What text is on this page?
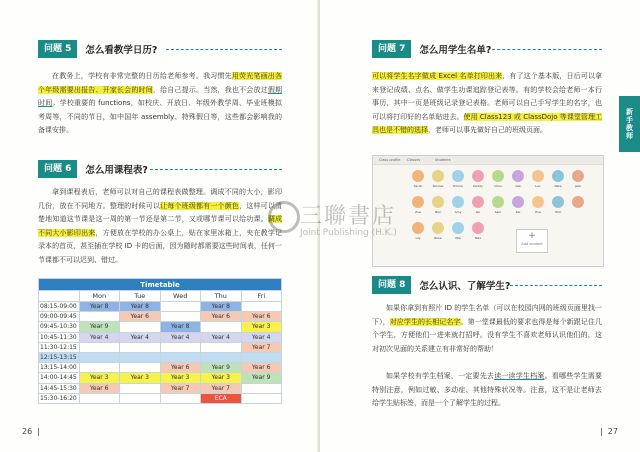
问题 5	怎么看教学日历?
在教务上，学校有非常完整的日历给老师参考。我习惯先用荧光笔画出各个年级需要出报告、开家长会的时间，给自己提示。当然，我也不会放过假期时间。学校重要的 functions，如校庆、开放日、年级外教学周、毕业班模拟考周等，不同的节日，如中国年 assembly、特殊假日等，这些都会影响我的备课安排。
问题 6	怎么用课程表?
拿到课程表后，老师可以对自己的课程表做整理。调成不同的大小，影印几份，放在不同地方。整理的时候可以让每个班级都有一个颜色，这样可以清楚地知道这节课是这一周的第一节还是第二节，又或哪节课可以给功课。调成不同大小影印出来，方便放在学校的办公桌上，贴在家里冰箱上，夹在教学记录本的首页，甚至插在学校 ID 卡的后面，因为随时都需要这些时间表，任何一节课都不可以迟到、错过。
Timetable					
	Mon	Tue	Wed	Thu	Fri
08:15-09:00	Year 8	Year 8		Year 8	
09:00-09:45		Year 6		Year 6	Year 6
09:45-10:30	Year 9		Year 8		Year 3
10:45-11:30	Year 4	Year 4	Year 4	Year 4	Year 4
11:30-12:15					Year 7
12:15-13:15					
13:15-14:00			Year 6	Year 9	Year 6
14:00-14:45	Year 3	Year 3	Year 3	Year 3	Year 9
14:45-15:30	Year 6		Year 7	Year 7	
15:30-16:20				ECA	
26  |
问题 7	怎么用学生名单?
可以将学生名字做成 Excel 名单打印出来，有了这个基本版，日后可以拿来登记成绩、点名、做学生功课追踪登记表等。有的学校会给老师一本行事历，其中一页是班级记录登记表格。老师可以自己手写学生的名字，也可以将打印好的名单贴进去。使用 Class123 或 ClassDojo 等课堂管理工具也是不错的选择，老师可以事先做好自己的班级页面。	新手教师
Class profile Classes	Students
Sarah	Nicolas	Emma	Daddy	Chris	Isla	Leo	Nate	Jack
Zoe	Ben	Amy	Ian	Sam	Kai	Eva	Tom
Lily	Rose	Mia	Max	+
Add student
三聯書店
Joint Publishing (H.K.)
问题 8	怎么认识、了解学生?
如果你拿到有照片 ID 的学生名单（可以在校园内网的班级页面里找一下），对应学生的长相记名字。第一堂课最低的要求也得是每个新跟记住几个学生，方便他们一进来就打招呼。没有学生不喜欢老师认识他们的，这对初次见面的关系建立有非常好的帮助！
如果学校有学生档案，一定要先去读一读学生档案。看哪些学生需要特别注意，例如过敏、多动症、其他特殊状况等。注意，这不是让老师去给学生贴标签，而是一个了解学生的过程。
|  27
